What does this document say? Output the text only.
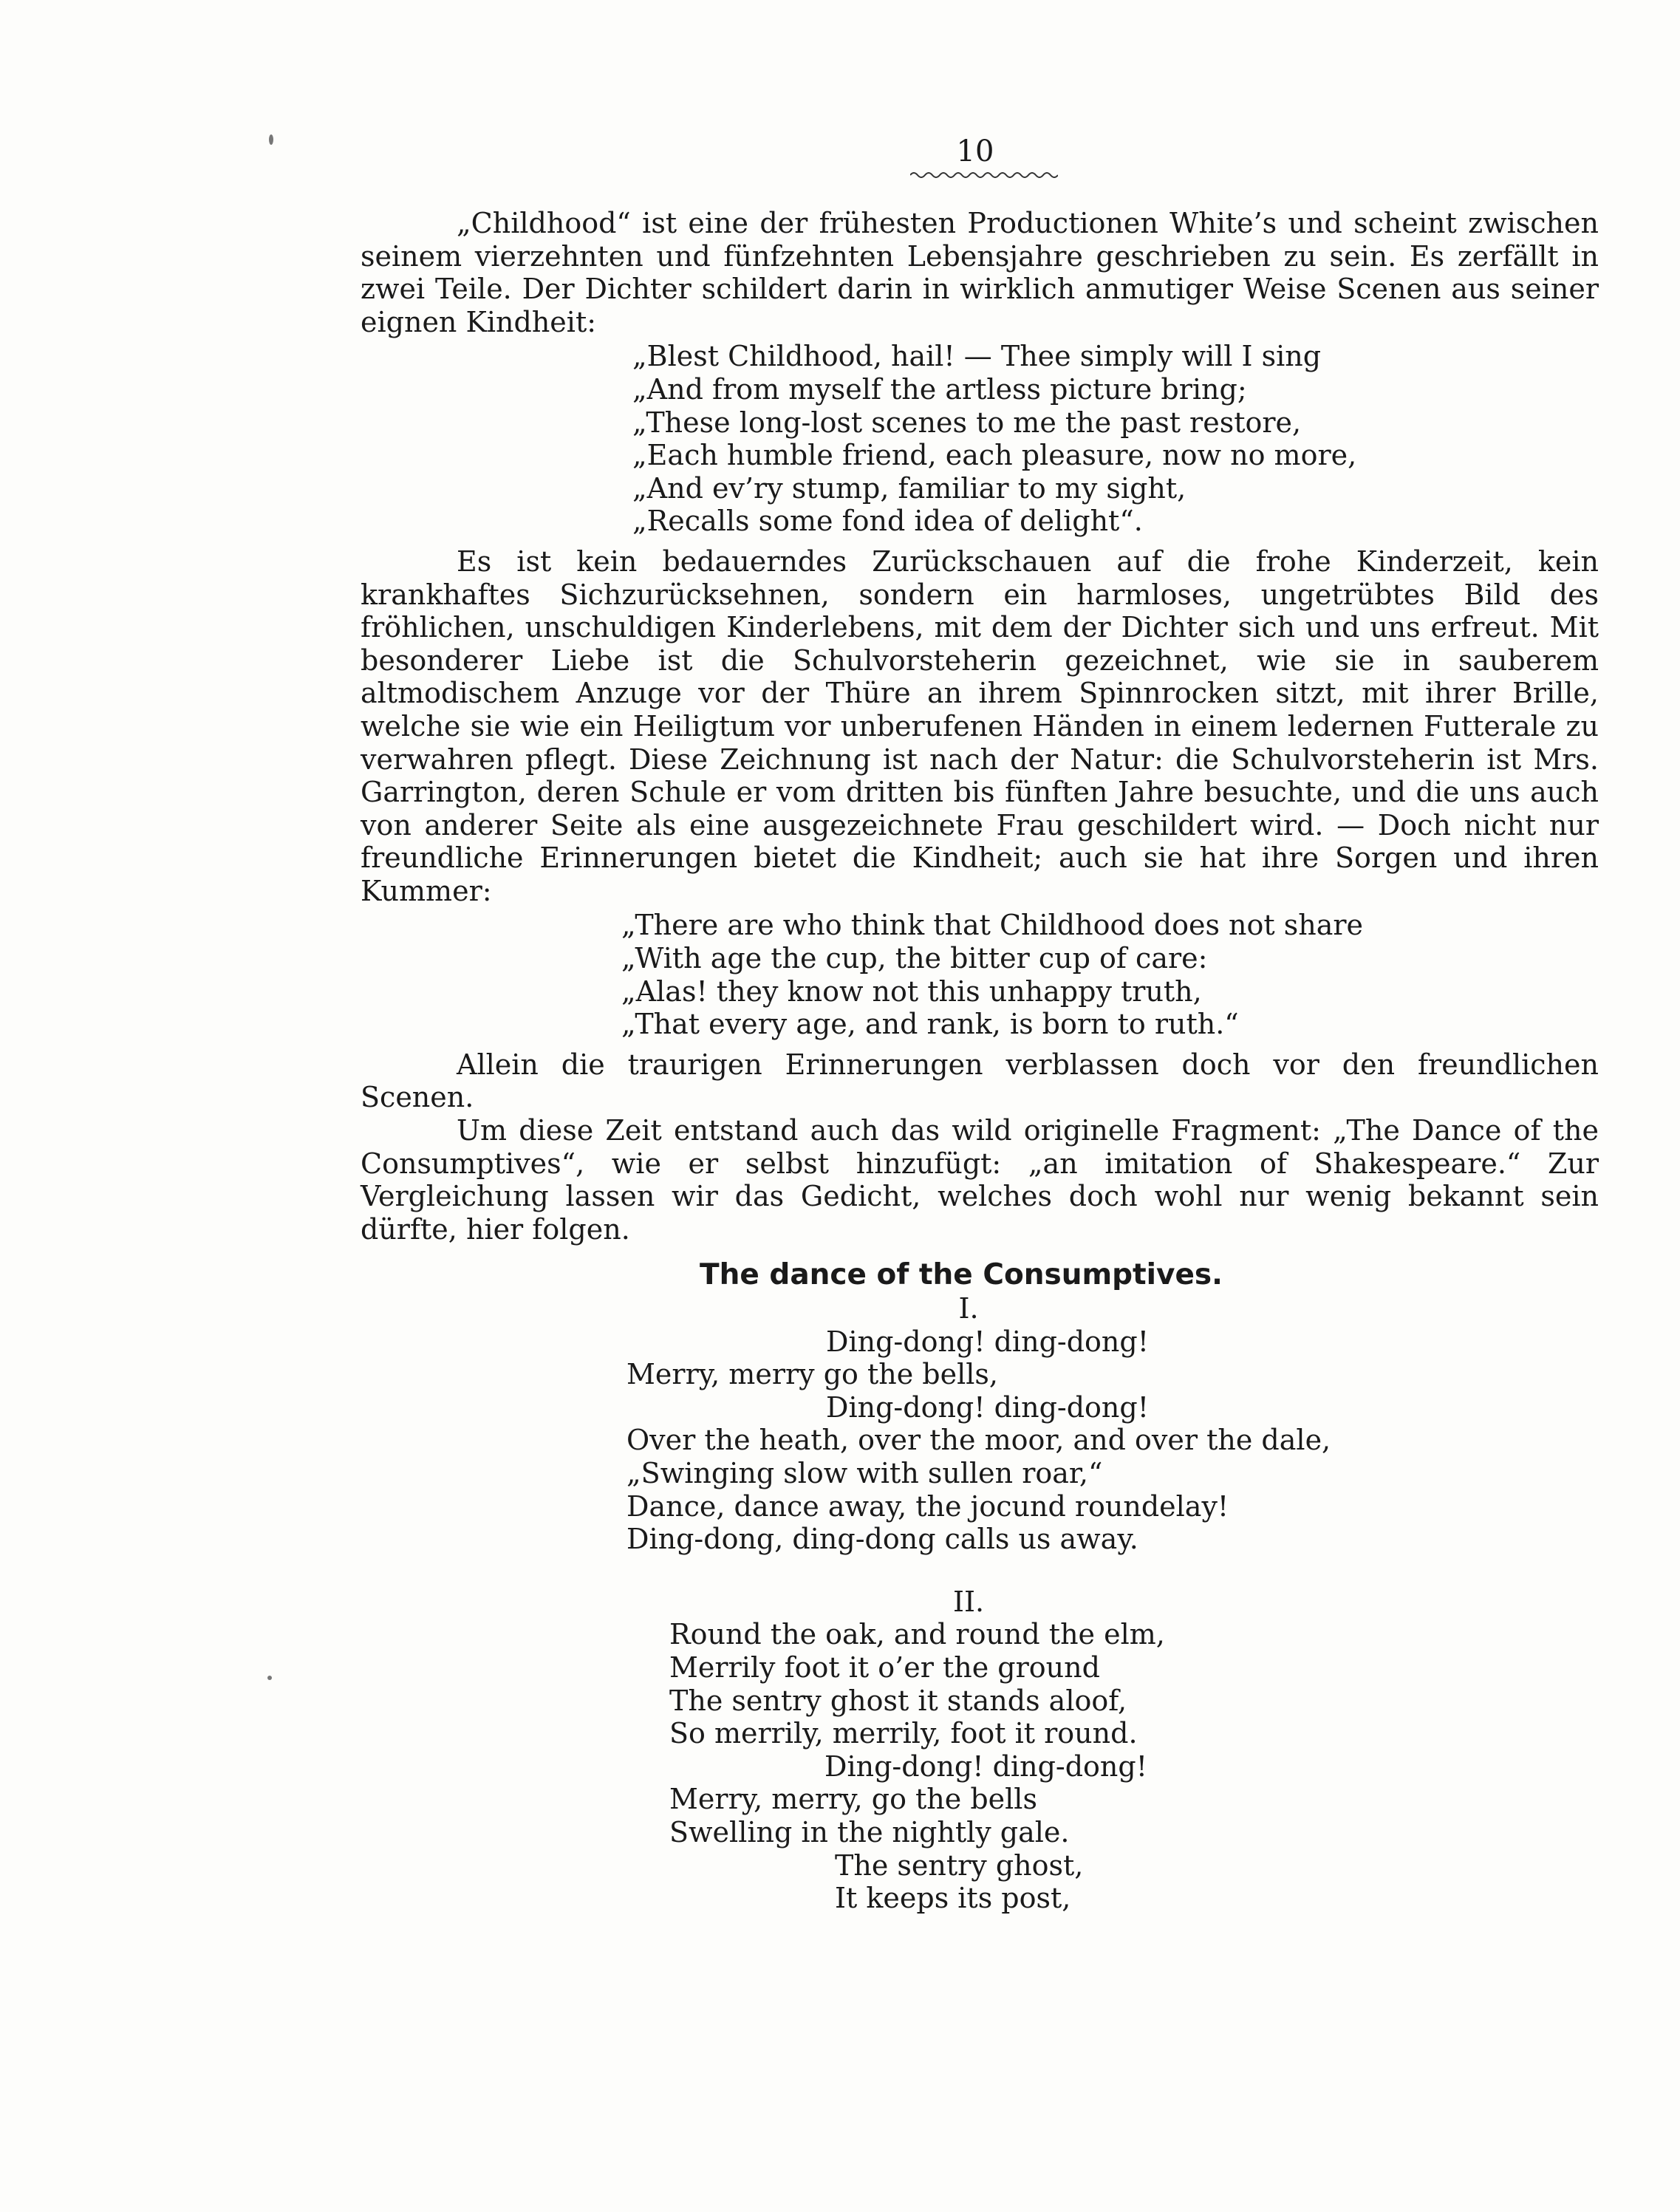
10

„Childhood“ ist eine der frühesten Productionen White’s und scheint zwischen seinem vierzehnten und fünfzehnten Lebensjahre geschrieben zu sein. Es zerfällt in zwei Teile. Der Dichter schildert darin in wirklich anmutiger Weise Scenen aus seiner eignen Kindheit:

„Blest Childhood, hail! — Thee simply will I sing
„And from myself the artless picture bring;
„These long-lost scenes to me the past restore,
„Each humble friend, each pleasure, now no more,
„And ev’ry stump, familiar to my sight,
„Recalls some fond idea of delight“.

Es ist kein bedauerndes Zurückschauen auf die frohe Kinderzeit, kein krankhaftes Sichzurücksehnen, sondern ein harmloses, ungetrübtes Bild des fröhlichen, unschuldigen Kinderlebens, mit dem der Dichter sich und uns erfreut. Mit besonderer Liebe ist die Schulvorsteherin gezeichnet, wie sie in sauberem altmodischem Anzuge vor der Thüre an ihrem Spinnrocken sitzt, mit ihrer Brille, welche sie wie ein Heiligtum vor unberufenen Händen in einem ledernen Futterale zu verwahren pflegt. Diese Zeichnung ist nach der Natur: die Schulvorsteherin ist Mrs. Garrington, deren Schule er vom dritten bis fünften Jahre besuchte, und die uns auch von anderer Seite als eine ausgezeichnete Frau geschildert wird. — Doch nicht nur freundliche Erinnerungen bietet die Kindheit; auch sie hat ihre Sorgen und ihren Kummer:

„There are who think that Childhood does not share
„With age the cup, the bitter cup of care:
„Alas! they know not this unhappy truth,
„That every age, and rank, is born to ruth.“

Allein die traurigen Erinnerungen verblassen doch vor den freundlichen Scenen.

Um diese Zeit entstand auch das wild originelle Fragment: „The Dance of the Consumptives“, wie er selbst hinzufügt: „an imitation of Shakespeare.“ Zur Vergleichung lassen wir das Gedicht, welches doch wohl nur wenig bekannt sein dürfte, hier folgen.

The dance of the Consumptives.
I.
Ding-dong! ding-dong!
Merry, merry go the bells,
Ding-dong! ding-dong!
Over the heath, over the moor, and over the dale,
„Swinging slow with sullen roar,“
Dance, dance away, the jocund roundelay!
Ding-dong, ding-dong calls us away.
II.
Round the oak, and round the elm,
Merrily foot it o’er the ground
The sentry ghost it stands aloof,
So merrily, merrily, foot it round.
Ding-dong! ding-dong!
Merry, merry, go the bells
Swelling in the nightly gale.
The sentry ghost,
It keeps its post,
